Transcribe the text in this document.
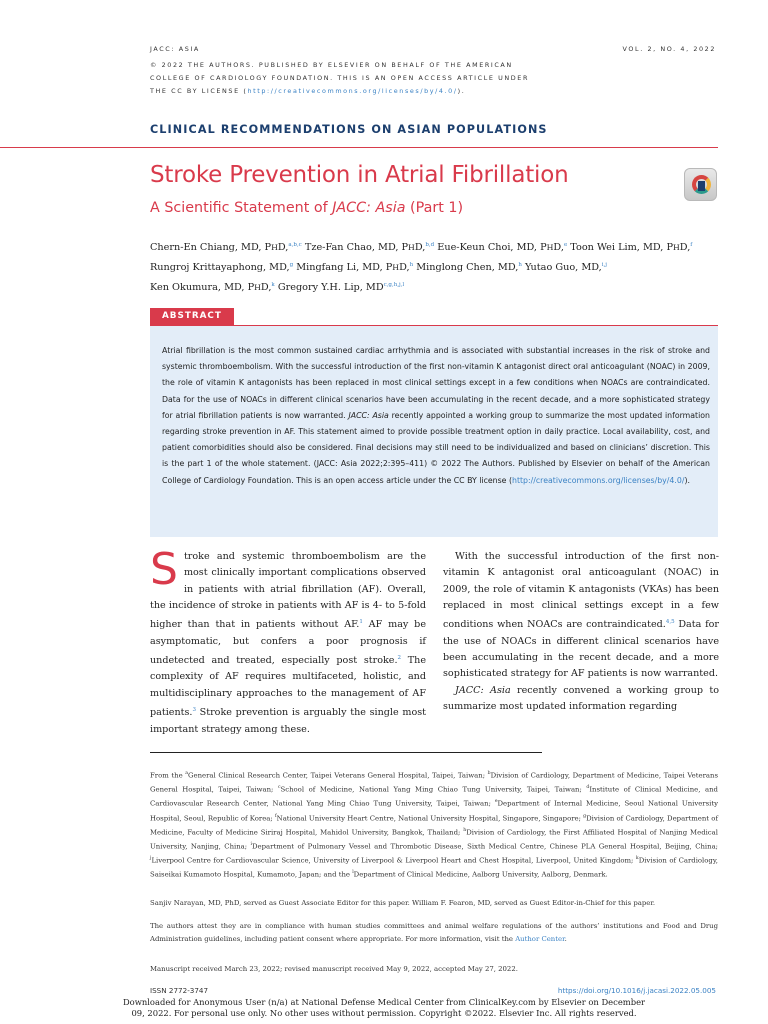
JACC: ASIA	VOL. 2, NO. 4, 2022
© 2022 THE AUTHORS. PUBLISHED BY ELSEVIER ON BEHALF OF THE AMERICAN
COLLEGE OF CARDIOLOGY FOUNDATION. THIS IS AN OPEN ACCESS ARTICLE UNDER
THE CC BY LICENSE (http://creativecommons.org/licenses/by/4.0/).
CLINICAL RECOMMENDATIONS ON ASIAN POPULATIONS
Stroke Prevention in Atrial Fibrillation
A Scientific Statement of JACC: Asia (Part 1)
Chern-En Chiang, MD, PHD,$^{a,b,c}$ Tze-Fan Chao, MD, PHD,$^{b,d}$ Eue-Keun Choi, MD, PHD,$^e$ Toon Wei Lim, MD, PHD,$^f$
Rungroj Krittayaphong, MD,$^g$ Mingfang Li, MD, PHD,$^h$ Minglong Chen, MD,$^h$ Yutao Guo, MD,$^{i,j}$
Ken Okumura, MD, PHD,$^k$ Gregory Y.H. Lip, MD$^{c,g,h,j,l}$
ABSTRACT
Atrial fibrillation is the most common sustained cardiac arrhythmia and is associated with substantial increases in the risk of stroke and systemic thromboembolism. With the successful introduction of the first non-vitamin K antagonist direct oral anticoagulant (NOAC) in 2009, the role of vitamin K antagonists has been replaced in most clinical settings except in a few conditions when NOACs are contraindicated. Data for the use of NOACs in different clinical scenarios have been accumulating in the recent decade, and a more sophisticated strategy for atrial fibrillation patients is now warranted. JACC: Asia recently appointed a working group to summarize the most updated information regarding stroke prevention in AF. This statement aimed to provide possible treatment option in daily practice. Local availability, cost, and patient comorbidities should also be considered. Final decisions may still need to be individualized and based on clinicians’ discretion. This is the part 1 of the whole statement. (JACC: Asia 2022;2:395–411) © 2022 The Authors. Published by Elsevier on behalf of the American College of Cardiology Foundation. This is an open access article under the CC BY license (http://creativecommons.org/licenses/by/4.0/).
Stroke and systemic thromboembolism are the most clinically important complications observed in patients with atrial fibrillation (AF). Overall, the incidence of stroke in patients with AF is 4- to 5-fold higher than that in patients without AF.$^1$ AF may be asymptomatic, but confers a poor prognosis if undetected and treated, especially post stroke.$^2$ The complexity of AF requires multifaceted, holistic, and multidisciplinary approaches to the management of AF patients.$^3$ Stroke prevention is arguably the single most important strategy among these.
With the successful introduction of the first non-vitamin K antagonist oral anticoagulant (NOAC) in 2009, the role of vitamin K antagonists (VKAs) has been replaced in most clinical settings except in a few conditions when NOACs are contraindicated.$^{4,5}$ Data for the use of NOACs in different clinical scenarios have been accumulating in the recent decade, and a more sophisticated strategy for AF patients is now warranted.
JACC: Asia recently convened a working group to summarize most updated information regarding
From the $^a$General Clinical Research Center, Taipei Veterans General Hospital, Taipei, Taiwan; $^b$Division of Cardiology, Department of Medicine, Taipei Veterans General Hospital, Taipei, Taiwan; $^c$School of Medicine, National Yang Ming Chiao Tung University, Taipei, Taiwan; $^d$Institute of Clinical Medicine, and Cardiovascular Research Center, National Yang Ming Chiao Tung University, Taipei, Taiwan; $^e$Department of Internal Medicine, Seoul National University Hospital, Seoul, Republic of Korea; $^f$National University Heart Centre, National University Hospital, Singapore, Singapore; $^g$Division of Cardiology, Department of Medicine, Faculty of Medicine Siriraj Hospital, Mahidol University, Bangkok, Thailand; $^h$Division of Cardiology, the First Affiliated Hospital of Nanjing Medical University, Nanjing, China; $^i$Department of Pulmonary Vessel and Thrombotic Disease, Sixth Medical Centre, Chinese PLA General Hospital, Beijing, China; $^j$Liverpool Centre for Cardiovascular Science, University of Liverpool & Liverpool Heart and Chest Hospital, Liverpool, United Kingdom; $^k$Division of Cardiology, Saiseikai Kumamoto Hospital, Kumamoto, Japan; and the $^l$Department of Clinical Medicine, Aalborg University, Aalborg, Denmark.
Sanjiv Narayan, MD, PhD, served as Guest Associate Editor for this paper. William F. Fearon, MD, served as Guest Editor-in-Chief for this paper.
The authors attest they are in compliance with human studies committees and animal welfare regulations of the authors’ institutions and Food and Drug Administration guidelines, including patient consent where appropriate. For more information, visit the Author Center.
Manuscript received March 23, 2022; revised manuscript received May 9, 2022, accepted May 27, 2022.
ISSN 2772-3747	https://doi.org/10.1016/j.jacasi.2022.05.005
Downloaded for Anonymous User (n/a) at National Defense Medical Center from ClinicalKey.com by Elsevier on December
09, 2022. For personal use only. No other uses without permission. Copyright ©2022. Elsevier Inc. All rights reserved.
